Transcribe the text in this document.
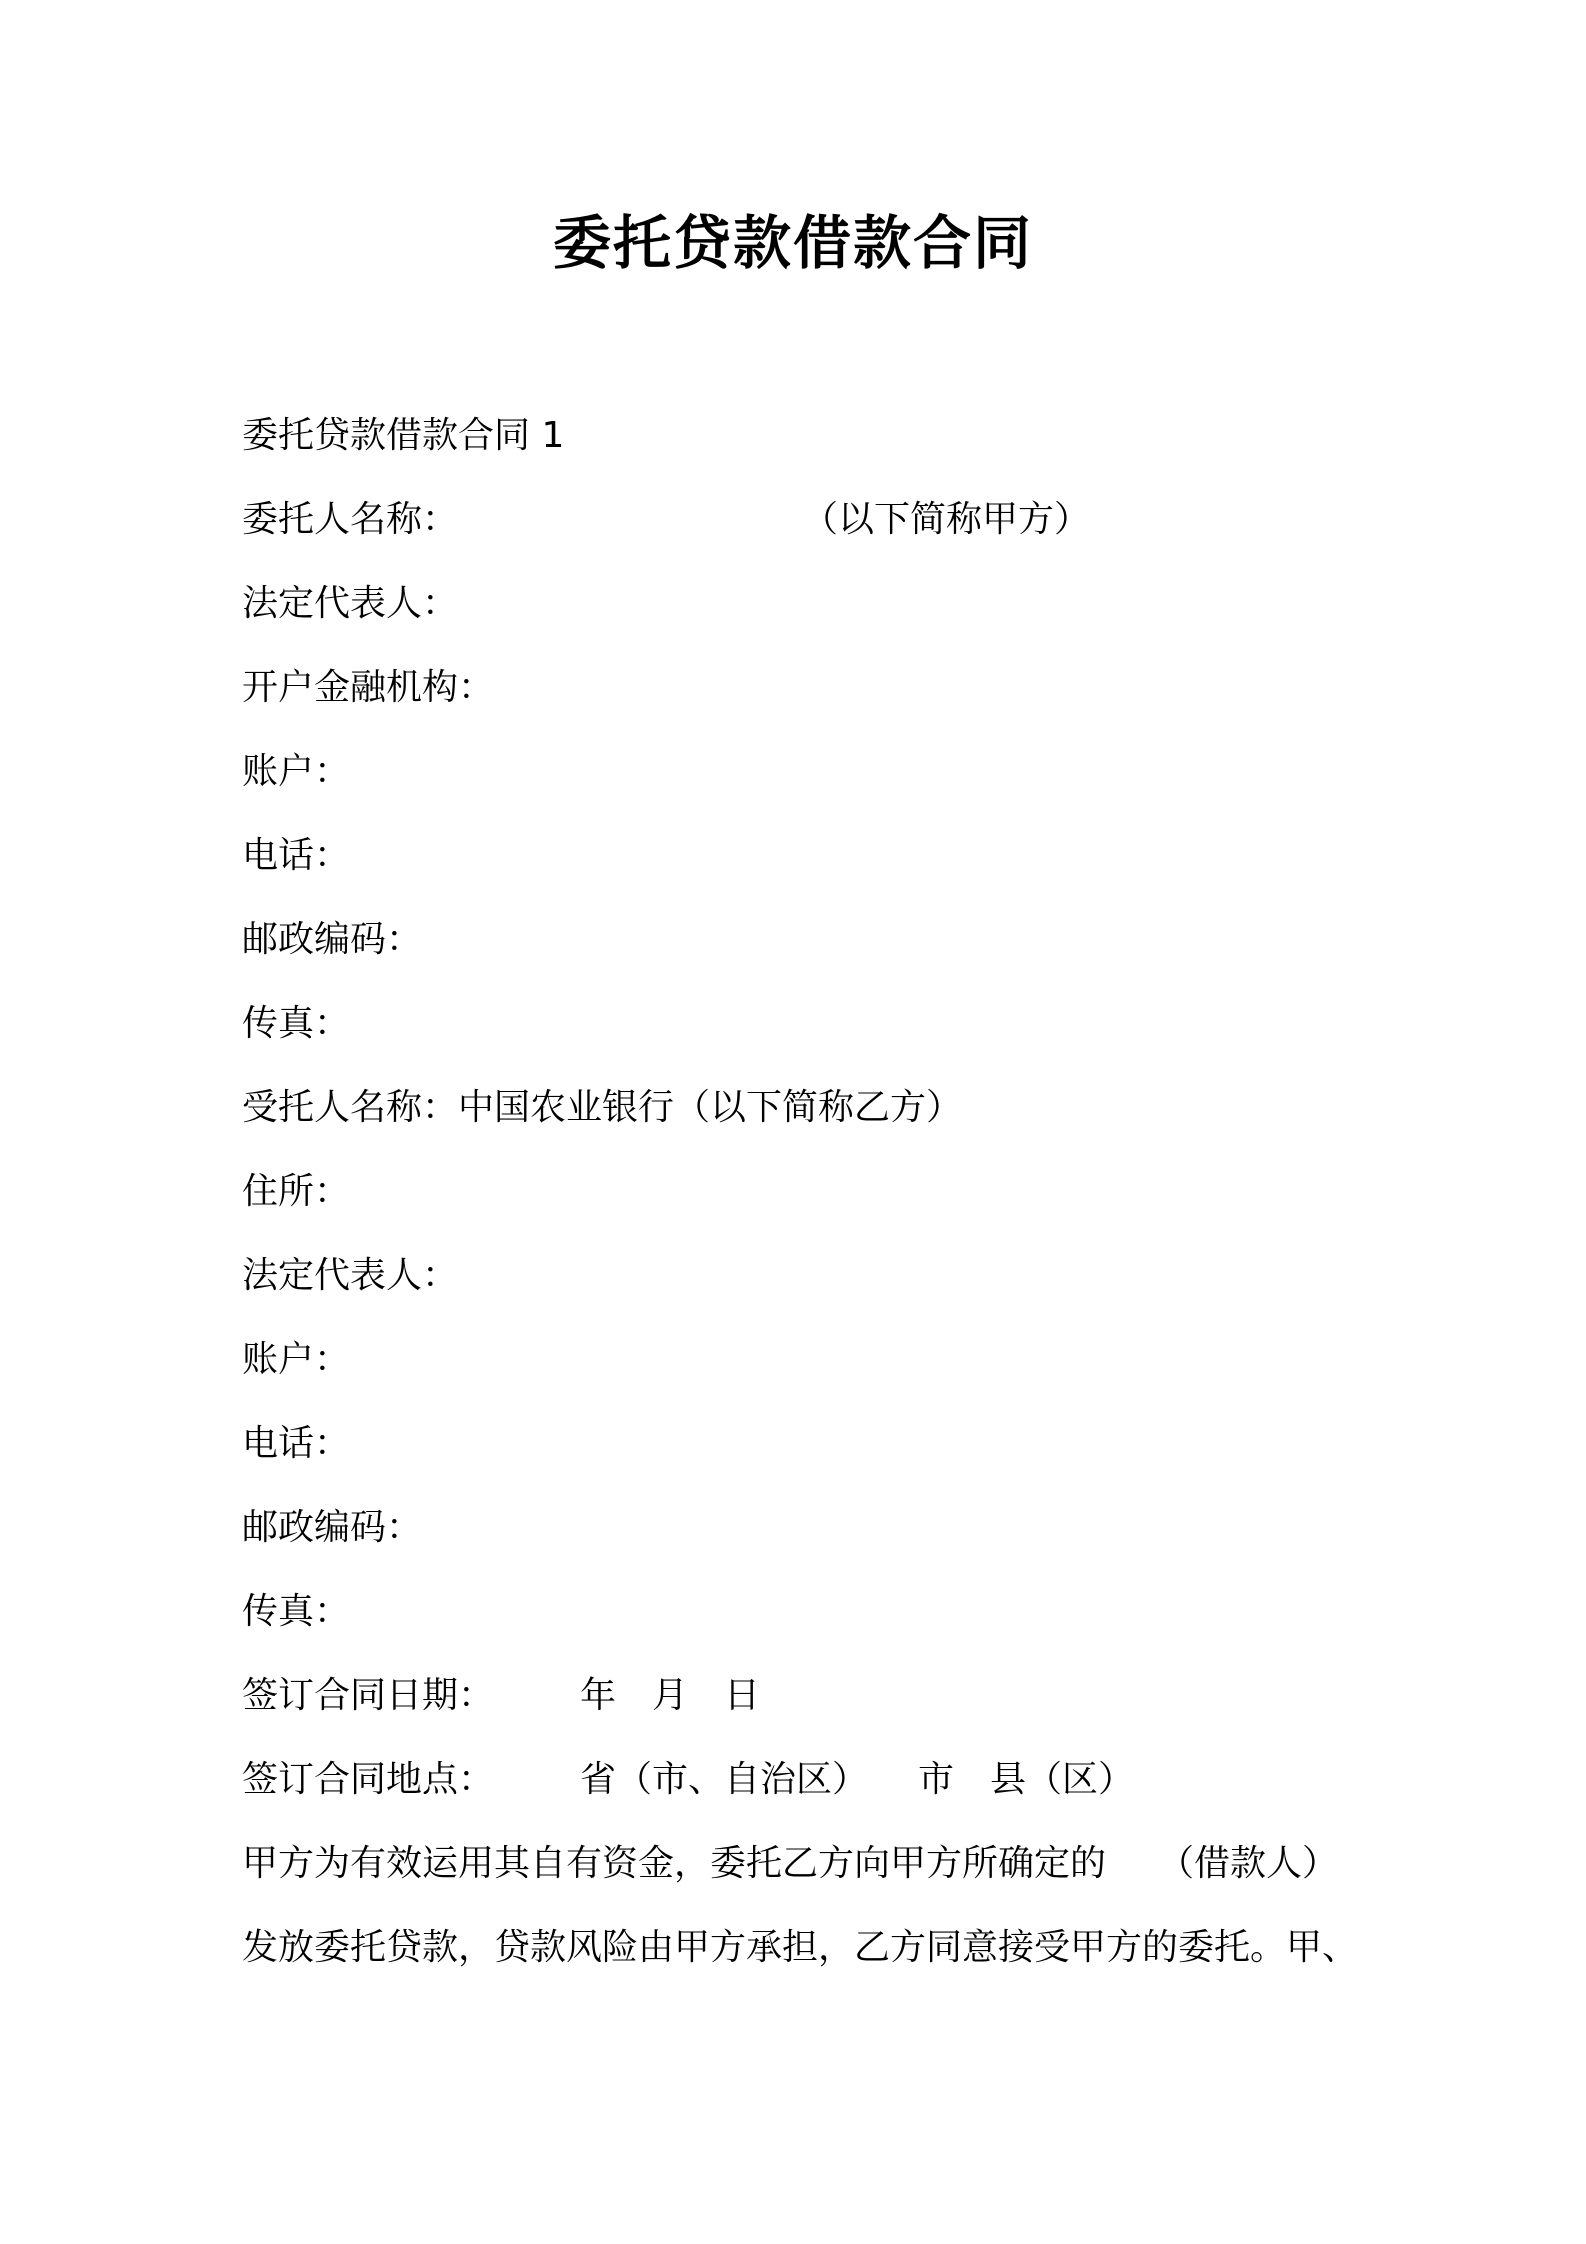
委托贷款借款合同
委托贷款借款合同 1
委托人名称：	（以下简称甲方）
法定代表人：
开户金融机构：
账户：
电话：
邮政编码：
传真：
受托人名称：中国农业银行（以下简称乙方）
住所：
法定代表人：
账户：
电话：
邮政编码：
传真：
签订合同日期： 年　月　日
签订合同地点： 省（市、自治区） 市　县（区）
甲方为有效运用其自有资金，委托乙方向甲方所确定的 （借款人）
发放委托贷款，贷款风险由甲方承担，乙方同意接受甲方的委托。甲、
